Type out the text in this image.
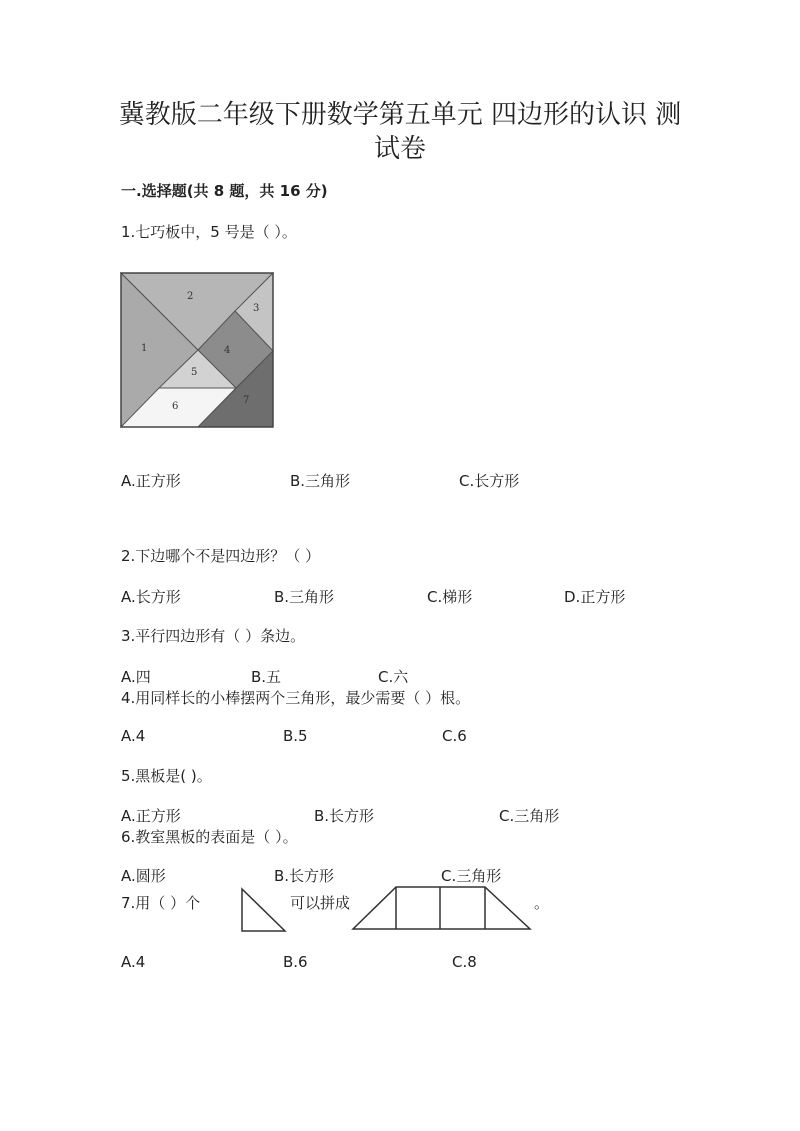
冀教版二年级下册数学第五单元 四边形的认识 测
试卷
一.选择题(共 8 题，共 16 分)
1.七巧板中，5 号是（ ）。
1
2
3
4
5
6
7
A.正方形	B.三角形	C.长方形
2.下边哪个不是四边形？（ ）
A.长方形	B.三角形	C.梯形	D.正方形
3.平行四边形有（ ）条边。
A.四	B.五	C.六
4.用同样长的小棒摆两个三角形，最少需要（ ）根。
A.4	B.5	C.6
5.黑板是( )。
A.正方形	B.长方形	C.三角形
6.教室黑板的表面是（ ）。
A.圆形	B.长方形	C.三角形
7.用（ ）个	可以拼成	。
A.4	B.6	C.8
